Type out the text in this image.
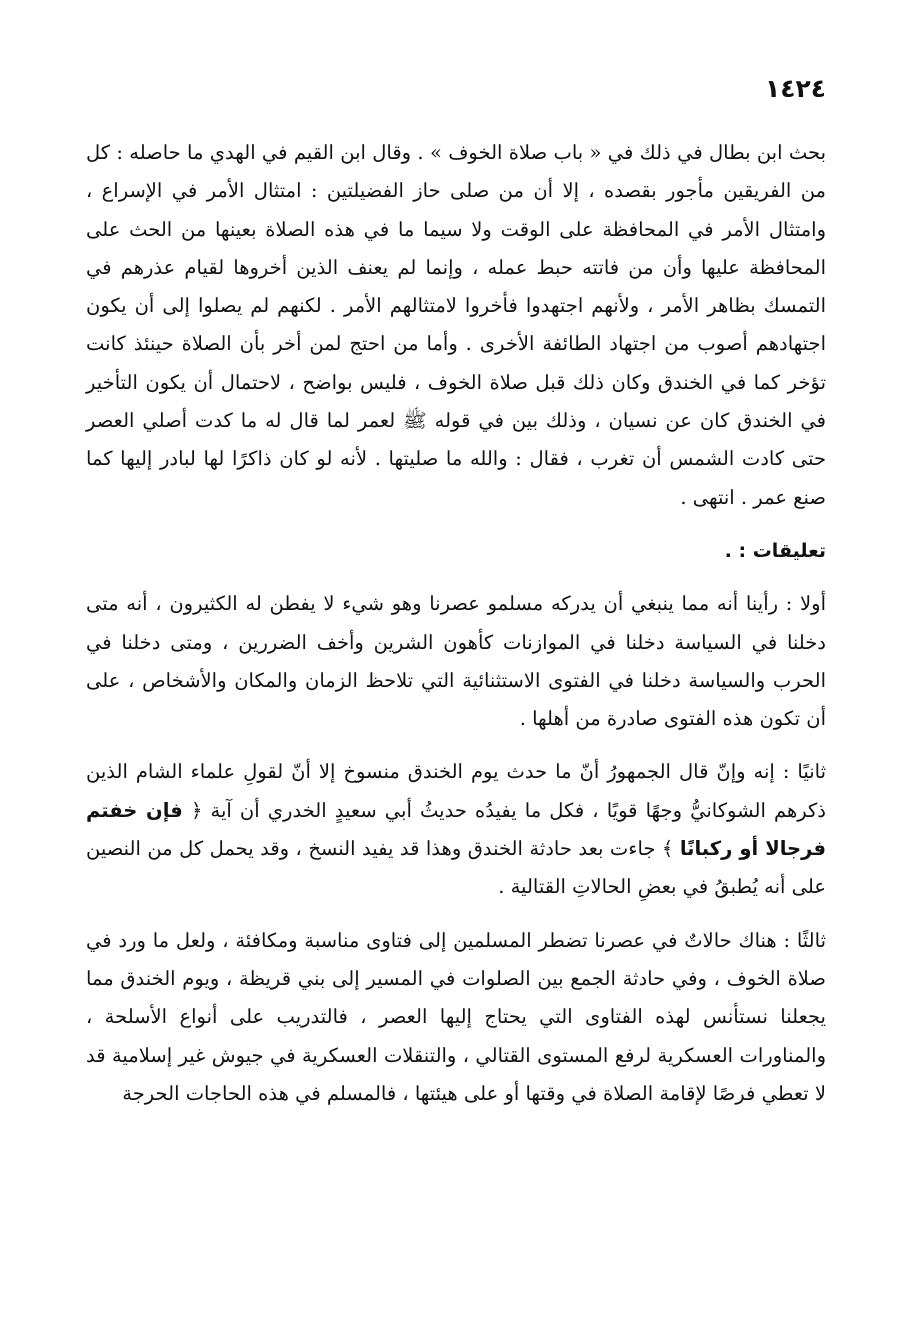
١٤٢٤

بحث ابن بطال في ذلك في « باب صلاة الخوف » . وقال ابن القيم في الهدي ما حاصله : كل من الفريقين مأجور بقصده ، إلا أن من صلى حاز الفضيلتين : امتثال الأمر في الإسراع ، وامتثال الأمر في المحافظة على الوقت ولا سيما ما في هذه الصلاة بعينها من الحث على المحافظة عليها وأن من فاتته حبط عمله ، وإنما لم يعنف الذين أخروها لقيام عذرهم في التمسك بظاهر الأمر ، ولأنهم اجتهدوا فأخروا لامتثالهم الأمر . لكنهم لم يصلوا إلى أن يكون اجتهادهم أصوب من اجتهاد الطائفة الأخرى . وأما من احتج لمن أخر بأن الصلاة حينئذ كانت تؤخر كما في الخندق وكان ذلك قبل صلاة الخوف ، فليس بواضح ، لاحتمال أن يكون التأخير في الخندق كان عن نسيان ، وذلك بين في قوله ﷺ لعمر لما قال له ما كدت أصلي العصر حتى كادت الشمس أن تغرب ، فقال : والله ما صليتها . لأنه لو كان ذاكرًا لها لبادر إليها كما صنع عمر . انتهى .

تعليقات : .

أولا : رأينا أنه مما ينبغي أن يدركه مسلمو عصرنا وهو شيء لا يفطن له الكثيرون ، أنه متى دخلنا في السياسة دخلنا في الموازنات كأهون الشرين وأخف الضررين ، ومتى دخلنا في الحرب والسياسة دخلنا في الفتوى الاستثنائية التي تلاحظ الزمان والمكان والأشخاص ، على أن تكون هذه الفتوى صادرة من أهلها .

ثانيًا : إنه وإنّ قال الجمهورُ أنّ ما حدث يوم الخندق منسوخ إلا أنّ لقولِ علماء الشام الذين ذكرهم الشوكانيُّ وجهًا قويًا ، فكل ما يفيدُه حديثُ أبي سعيدٍ الخدري أن آية ﴿ فإن خفتم فرجالا أو ركبانًا ﴾ جاءت بعد حادثة الخندق وهذا قد يفيد النسخ ، وقد يحمل كل من النصين على أنه يُطبقُ في بعضِ الحالاتِ القتالية .

ثالثًا : هناك حالاتٌ في عصرنا تضطر المسلمين إلى فتاوى مناسبة ومكافئة ، ولعل ما ورد في صلاة الخوف ، وفي حادثة الجمع بين الصلوات في المسير إلى بني قريظة ، ويوم الخندق مما يجعلنا نستأنس لهذه الفتاوى التي يحتاج إليها العصر ، فالتدريب على أنواع الأسلحة ، والمناورات العسكرية لرفع المستوى القتالي ، والتنقلات العسكرية في جيوش غير إسلامية قد لا تعطي فرصًا لإقامة الصلاة في وقتها أو على هيئتها ، فالمسلم في هذه الحاجات الحرجة
